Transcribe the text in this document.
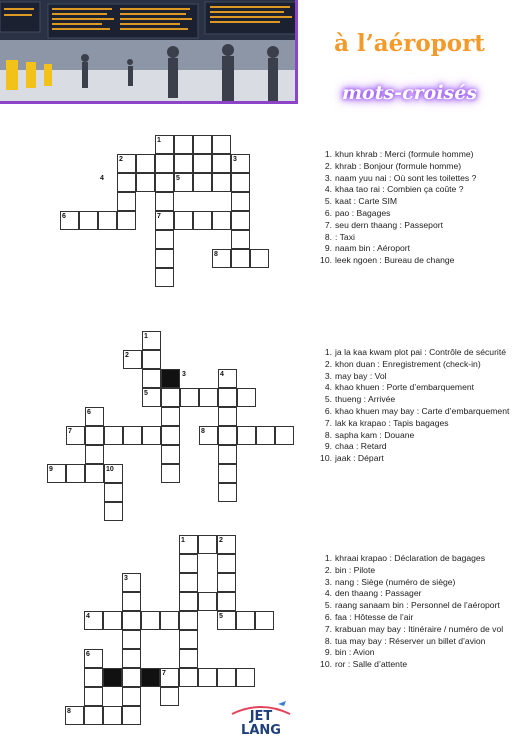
à l’aéroport
mots-croisés
1
2	3
4	5
6	7
8
1
2
3	4
5
6
7	8
9	10
1	2
3
4	5
6
7
8
1. khun khrab : Merci (formule homme)
2. khrab : Bonjour (formule homme)
3. naam yuu nai : Où sont les toilettes ?
4. khaa tao rai : Combien ça coûte ?
5. kaat : Carte SIM
6. pao : Bagages
7. seu dern thaang : Passeport
8. : Taxi
9. naam bin : Aéroport
10. leek ngoen : Bureau de change
1. ja la kaa kwam plot pai : Contrôle de sécurité
2. khon duan : Enregistrement (check-in)
3. may bay : Vol
4. khao khuen : Porte d’embarquement
5. thueng : Arrivée
6. khao khuen may bay : Carte d’embarquement
7. lak ka krapao : Tapis bagages
8. sapha kam : Douane
9. chaa : Retard
10. jaak : Départ
1. khraai krapao : Déclaration de bagages
2. bin : Pilote
3. nang : Siège (numéro de siège)
4. den thaang : Passager
5. raang sanaam bin : Personnel de l’aéroport
6. faa : Hôtesse de l’air
7. krabuan may bay : Itinéraire / numéro de vol
8. tua may bay : Réserver un billet d’avion
9. bin : Avion
10. ror : Salle d’attente
JET
LANG
